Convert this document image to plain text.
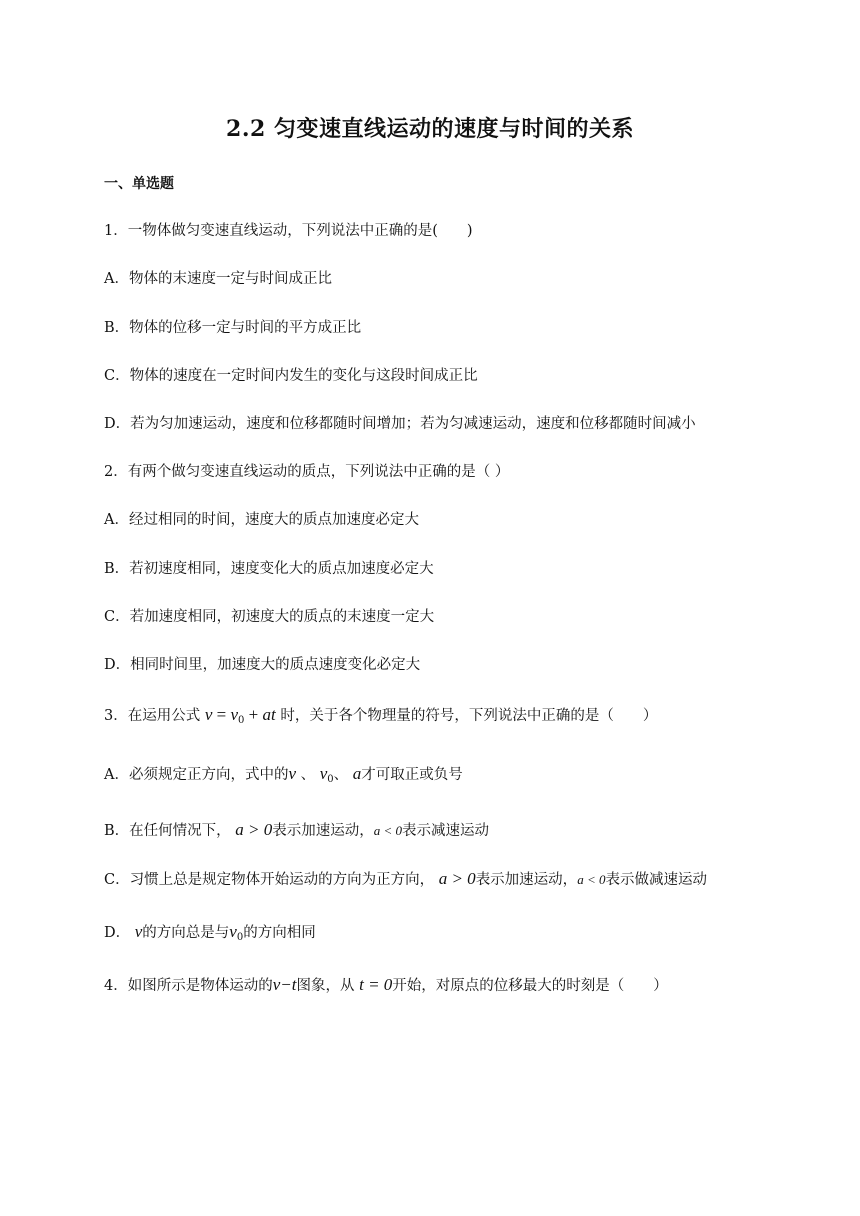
2.2 匀变速直线运动的速度与时间的关系
一、单选题
1．一物体做匀变速直线运动，下列说法中正确的是(　　)
A．物体的末速度一定与时间成正比
B．物体的位移一定与时间的平方成正比
C．物体的速度在一定时间内发生的变化与这段时间成正比
D．若为匀加速运动，速度和位移都随时间增加；若为匀减速运动，速度和位移都随时间减小
2．有两个做匀变速直线运动的质点，下列说法中正确的是（ ）
A．经过相同的时间，速度大的质点加速度必定大
B．若初速度相同，速度变化大的质点加速度必定大
C．若加速度相同，初速度大的质点的末速度一定大
D．相同时间里，加速度大的质点速度变化必定大
3．在运用公式 $v = v_0$ + at 时，关于各个物理量的符号，下列说法中正确的是（　　）
A．必须规定正方向，式中的v 、 $v_0$、 a才可取正或负号
B．在任何情况下， a > 0表示加速运动，a < 0表示减速运动
C．习惯上总是规定物体开始运动的方向为正方向， a > 0表示加速运动，a < 0表示做减速运动
D． v的方向总是与$v_0$的方向相同
4．如图所示是物体运动的v−t图象，从 t = 0开始，对原点的位移最大的时刻是（　　）
